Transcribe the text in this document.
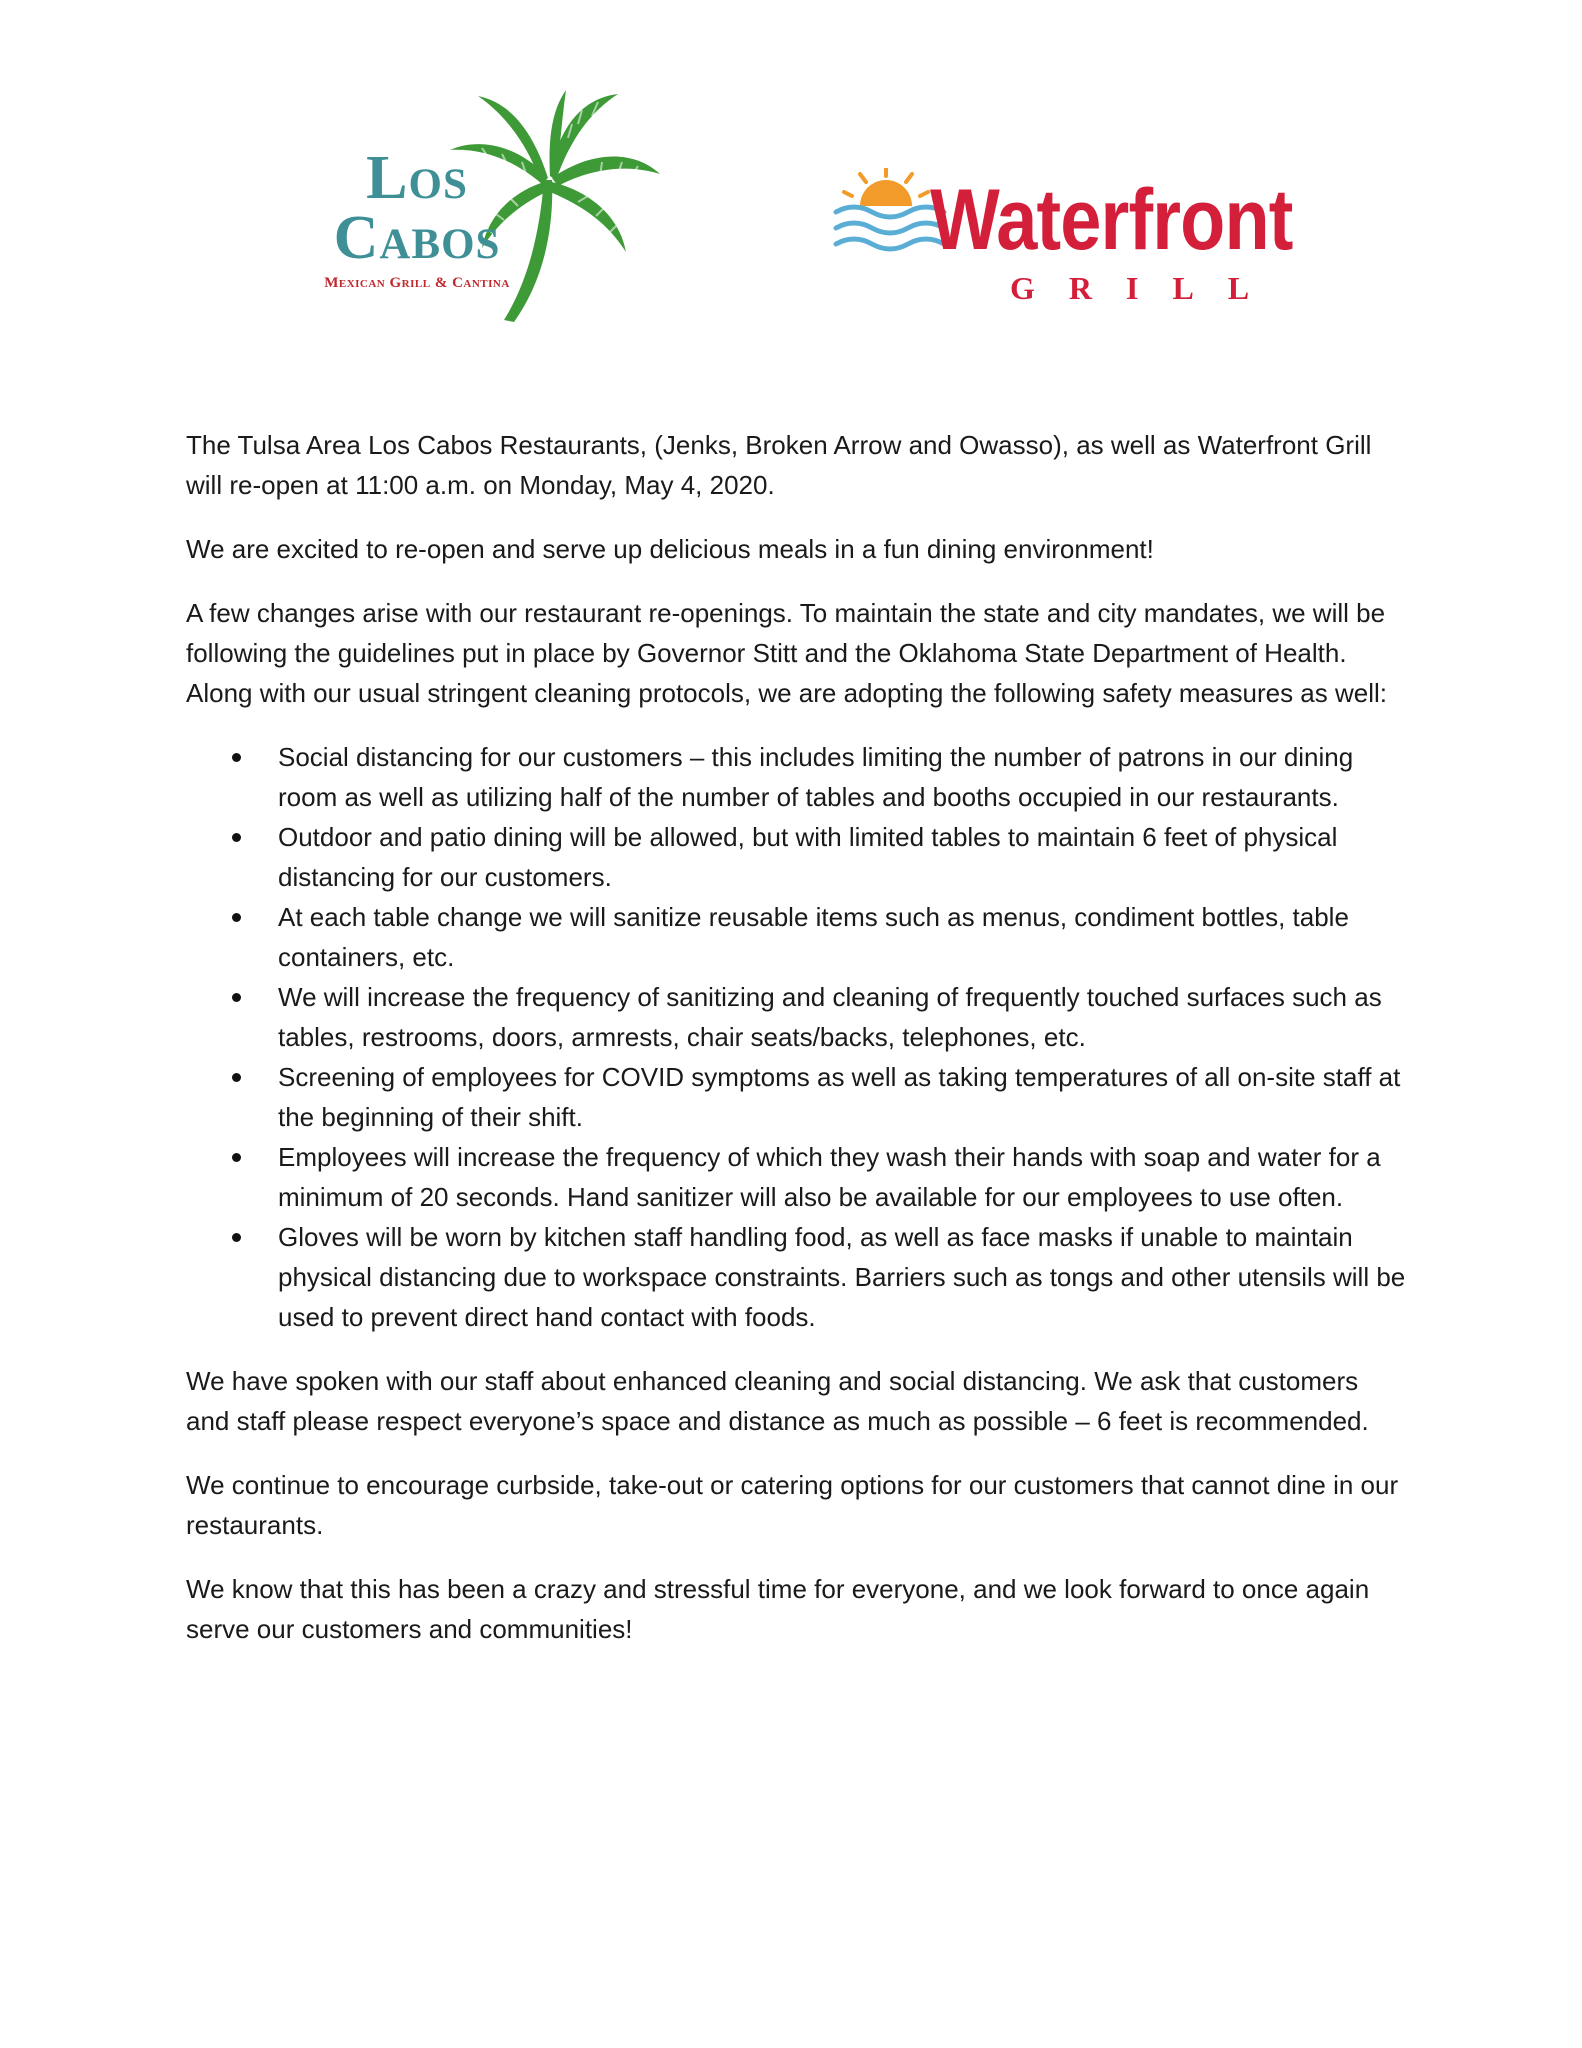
Los
Cabos
Mexican Grill & Cantina
Waterfront
GRILL

The Tulsa Area Los Cabos Restaurants, (Jenks, Broken Arrow and Owasso), as well as Waterfront Grill will re-open at 11:00 a.m. on Monday, May 4, 2020.

We are excited to re-open and serve up delicious meals in a fun dining environment!

A few changes arise with our restaurant re-openings. To maintain the state and city mandates, we will be following the guidelines put in place by Governor Stitt and the Oklahoma State Department of Health. Along with our usual stringent cleaning protocols, we are adopting the following safety measures as well:

Social distancing for our customers – this includes limiting the number of patrons in our dining room as well as utilizing half of the number of tables and booths occupied in our restaurants.
Outdoor and patio dining will be allowed, but with limited tables to maintain 6 feet of physical distancing for our customers.
At each table change we will sanitize reusable items such as menus, condiment bottles, table containers, etc.
We will increase the frequency of sanitizing and cleaning of frequently touched surfaces such as tables, restrooms, doors, armrests, chair seats/backs, telephones, etc.
Screening of employees for COVID symptoms as well as taking temperatures of all on-site staff at the beginning of their shift.
Employees will increase the frequency of which they wash their hands with soap and water for a minimum of 20 seconds. Hand sanitizer will also be available for our employees to use often.
Gloves will be worn by kitchen staff handling food, as well as face masks if unable to maintain physical distancing due to workspace constraints. Barriers such as tongs and other utensils will be used to prevent direct hand contact with foods.

We have spoken with our staff about enhanced cleaning and social distancing. We ask that customers and staff please respect everyone’s space and distance as much as possible – 6 feet is recommended.

We continue to encourage curbside, take-out or catering options for our customers that cannot dine in our restaurants.

We know that this has been a crazy and stressful time for everyone, and we look forward to once again serve our customers and communities!
